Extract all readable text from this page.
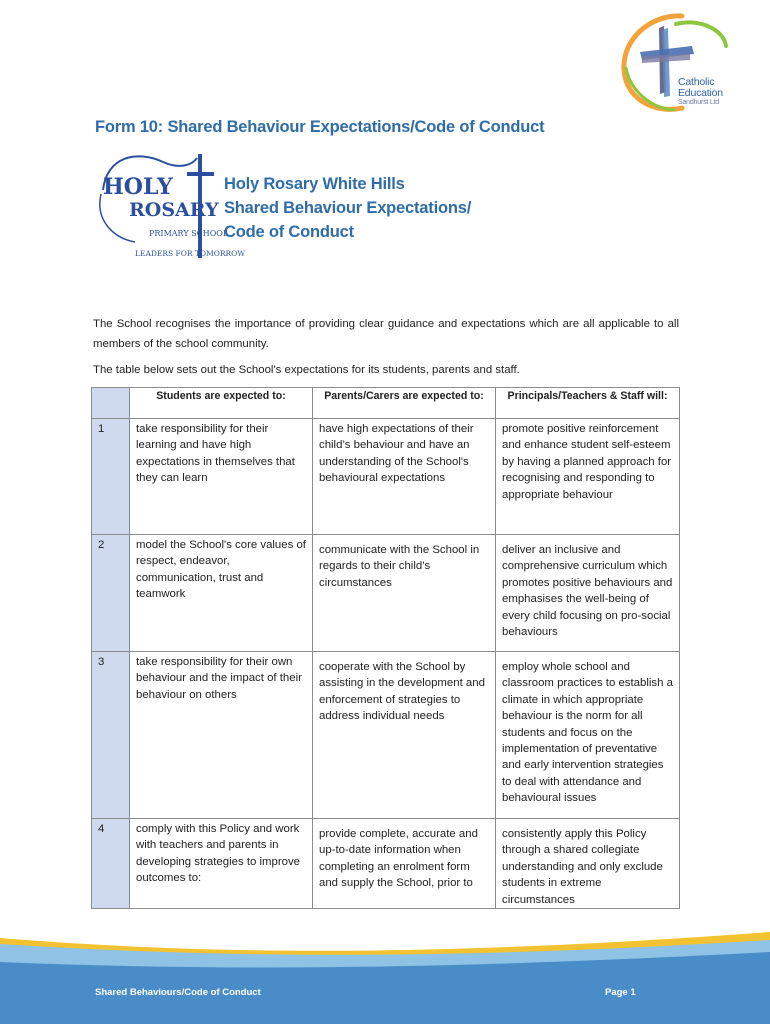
Catholic
Education
Sandhurst Ltd
Form 10: Shared Behaviour Expectations/Code of Conduct
HOLY
ROSARY
PRIMARY SCHOOL
LEADERS FOR TOMORROW
Holy Rosary White Hills
Shared Behaviour Expectations/
Code of Conduct

The School recognises the importance of providing clear guidance and expectations which are all applicable to all members of the school community.

The table below sets out the School's expectations for its students, parents and staff.

	Students are expected to:	Parents/Carers are expected to:	Principals/Teachers & Staff will:
1	take responsibility for their learning and have high expectations in themselves that they can learn	have high expectations of their child’s behaviour and have an understanding of the School's behavioural expectations	promote positive reinforcement and enhance student self-esteem by having a planned approach for recognising and responding to appropriate behaviour
2	model the School's core values of respect, endeavor, communication, trust and teamwork	communicate with the School in regards to their child’s circumstances	deliver an inclusive and comprehensive curriculum which promotes positive behaviours and emphasises the well-being of every child focusing on pro-social behaviours
3	take responsibility for their own behaviour and the impact of their behaviour on others	cooperate with the School by assisting in the development and enforcement of strategies to address individual needs	employ whole school and classroom practices to establish a climate in which appropriate behaviour is the norm for all students and focus on the implementation of preventative and early intervention strategies to deal with attendance and behavioural issues
4	comply with this Policy and work with teachers and parents in developing strategies to improve outcomes to:	provide complete, accurate and up-to-date information when completing an enrolment form and supply the School, prior to	consistently apply this Policy through a shared collegiate understanding and only exclude students in extreme circumstances
Shared Behaviours/Code of Conduct	Page 1
